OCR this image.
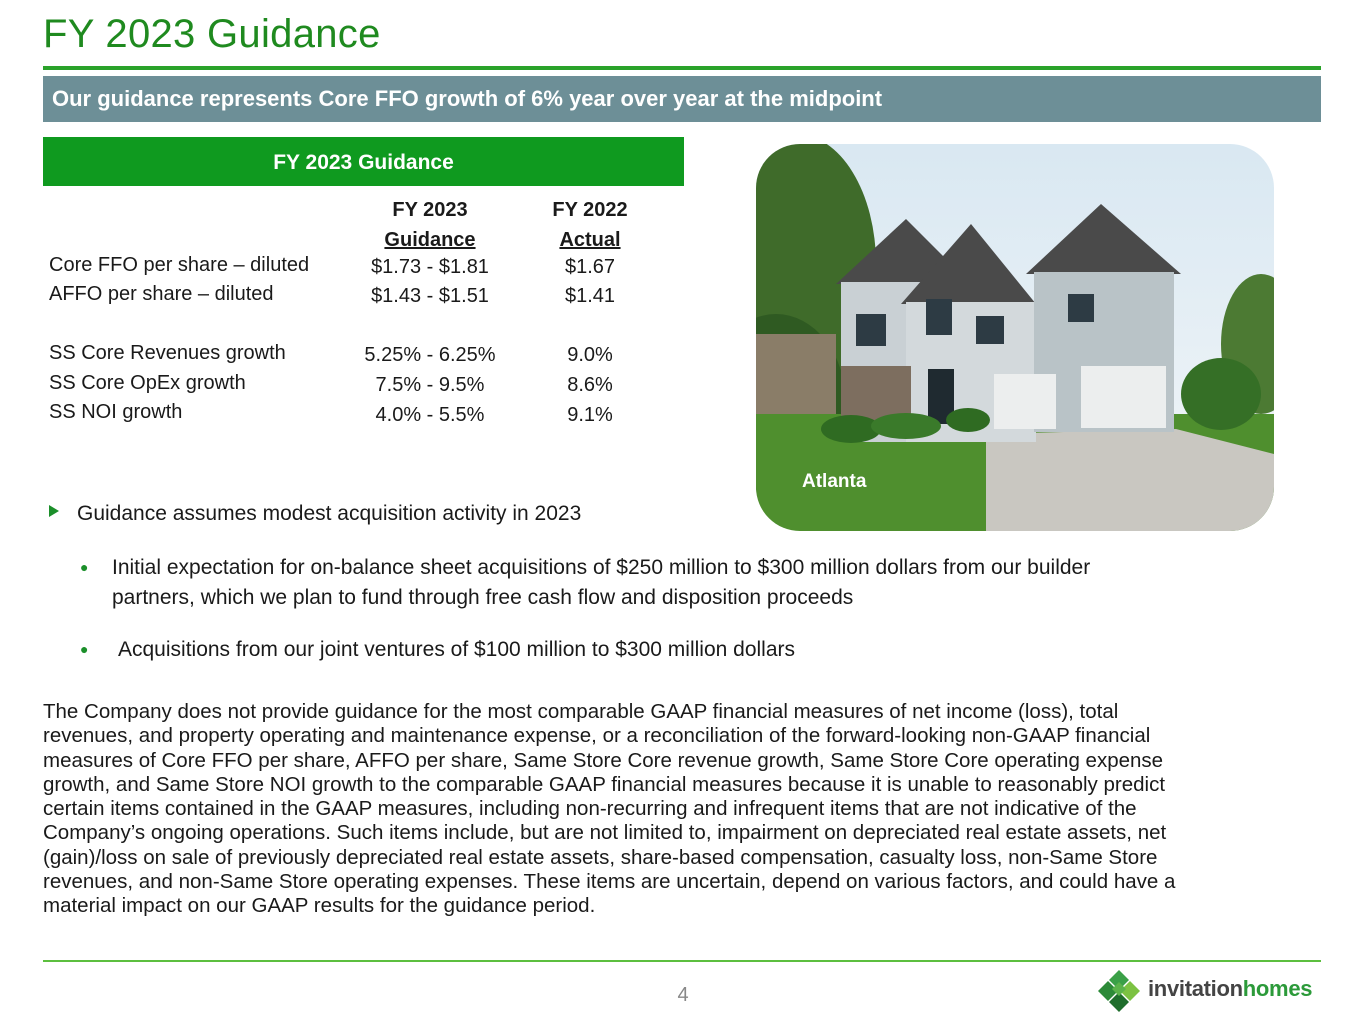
FY 2023 Guidance
Our guidance represents Core FFO growth of 6% year over year at the midpoint
FY 2023 Guidance
FY 2023
Guidance
FY 2022
Actual
Core FFO per share – diluted	$1.73 - $1.81	$1.67
AFFO per share – diluted	$1.43 - $1.51	$1.41
SS Core Revenues growth	5.25% - 6.25%	9.0%
SS Core OpEx growth	7.5% - 9.5%	8.6%
SS NOI growth	4.0% - 5.5%	9.1%
Atlanta
Guidance assumes modest acquisition activity in 2023
● Initial expectation for on-balance sheet acquisitions of $250 million to $300 million dollars from our builder
partners, which we plan to fund through free cash flow and disposition proceeds
● Acquisitions from our joint ventures of $100 million to $300 million dollars
The Company does not provide guidance for the most comparable GAAP financial measures of net income (loss), total
revenues, and property operating and maintenance expense, or a reconciliation of the forward-looking non-GAAP financial
measures of Core FFO per share, AFFO per share, Same Store Core revenue growth, Same Store Core operating expense
growth, and Same Store NOI growth to the comparable GAAP financial measures because it is unable to reasonably predict
certain items contained in the GAAP measures, including non-recurring and infrequent items that are not indicative of the
Company’s ongoing operations. Such items include, but are not limited to, impairment on depreciated real estate assets, net
(gain)/loss on sale of previously depreciated real estate assets, share-based compensation, casualty loss, non-Same Store
revenues, and non-Same Store operating expenses. These items are uncertain, depend on various factors, and could have a
material impact on our GAAP results for the guidance period.
4	invitationhomes
